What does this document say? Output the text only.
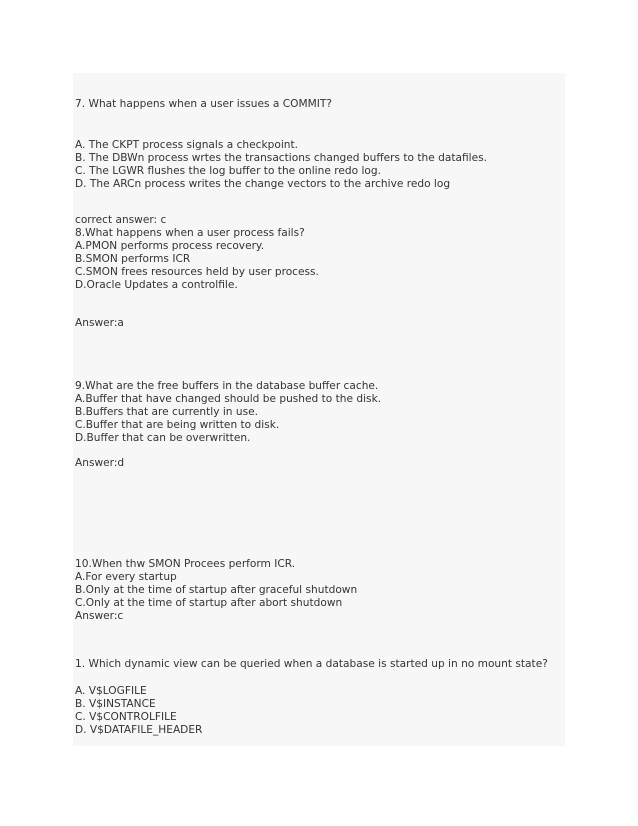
7. What happens when a user issues a COMMIT?
A. The CKPT process signals a checkpoint.
B. The DBWn process wrtes the transactions changed buffers to the datafiles.
C. The LGWR flushes the log buffer to the online redo log.
D. The ARCn process writes the change vectors to the archive redo log
correct answer: c
8.What happens when a user process fails?
A.PMON performs process recovery.
B.SMON performs ICR
C.SMON frees resources held by user process.
D.Oracle Updates a controlfile.
Answer:a
9.What are the free buffers in the database buffer cache.
A.Buffer that have changed should be pushed to the disk.
B.Buffers that are currently in use.
C.Buffer that are being written to disk.
D.Buffer that can be overwritten.
Answer:d
10.When thw SMON Procees perform ICR.
A.For every startup
B.Only at the time of startup after graceful shutdown
C.Only at the time of startup after abort shutdown
Answer:c
1. Which dynamic view can be queried when a database is started up in no mount state?
A. V$LOGFILE
B. V$INSTANCE
C. V$CONTROLFILE
D. V$DATAFILE_HEADER
